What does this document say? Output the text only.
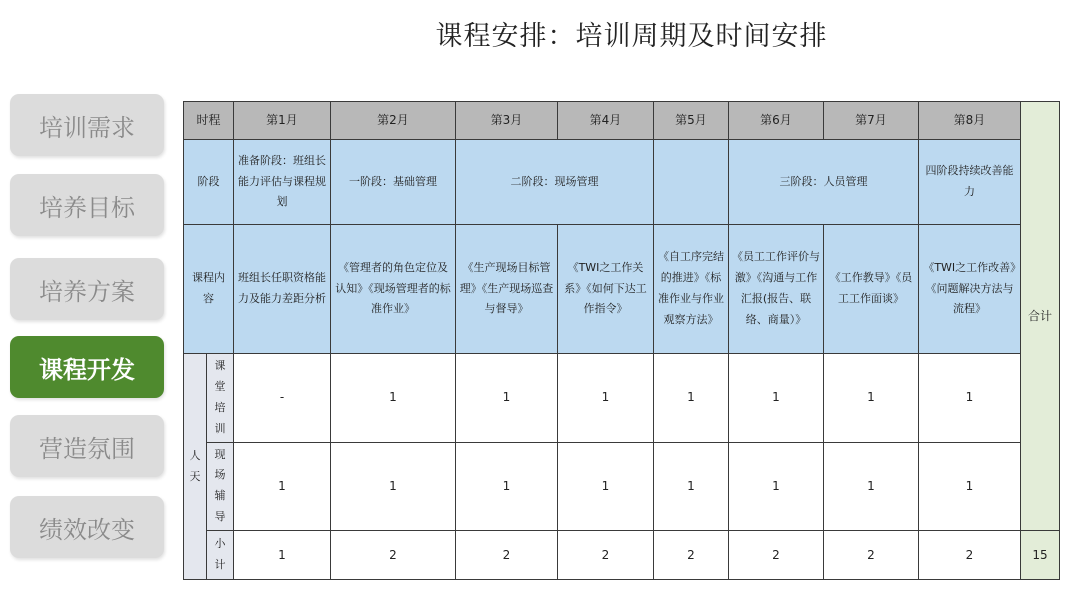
课程安排：培训周期及时间安排
培训需求
培养目标
培养方案
课程开发
营造氛围
绩效改变
时程		第1月	第2月	第3月	第4月	第5月	第6月	第7月	第8月	合计
阶段		准备阶段：班组长能力评估与课程规划	一阶段：基础管理	二阶段：现场管理			三阶段：人员管理		四阶段持续改善能力	
课程内容		班组长任职资格能力及能力差距分析	《管理者的角色定位及认知》《现场管理者的标准作业》	《生产现场目标管理》《生产现场巡查与督导》	《TWI之工作关系》《如何下达工作指令》	《自工序完结的推进》《标准作业与作业观察方法》	《员工工作评价与激》《沟通与工作汇报(报告、联络、商量）》	《工作教导》《员工工作面谈》	《TWI之工作改善》《问题解决方法与流程》	
人天	课堂培训	-	1	1	1	1	1	1	1	
	现场辅导	1	1	1	1	1	1	1	1	
	小计	1	2	2	2	2	2	2	2	15
